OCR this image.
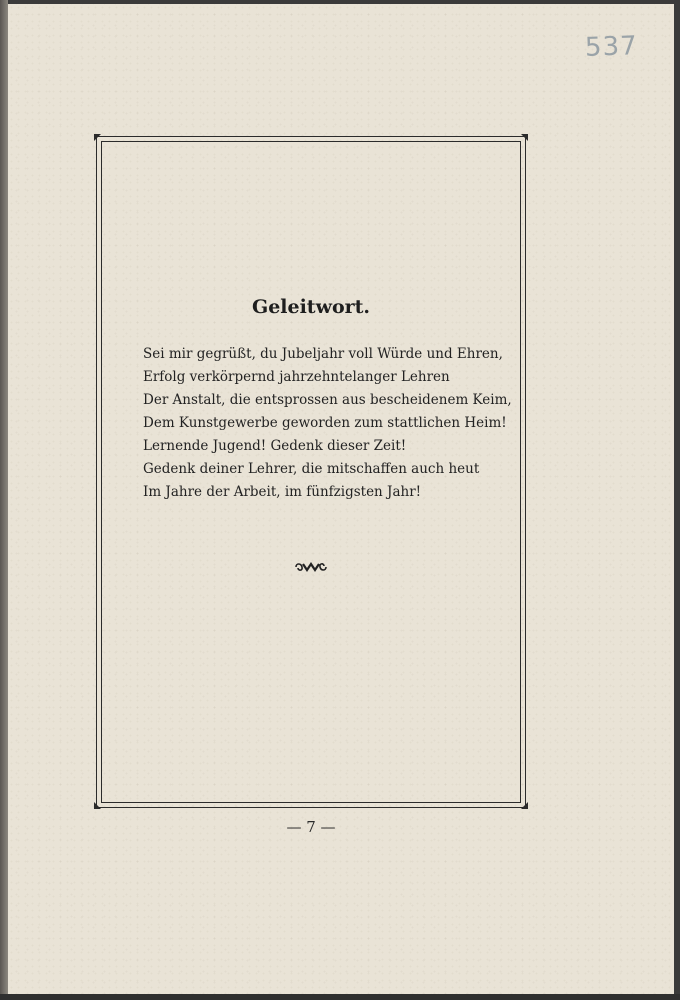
537
Geleitwort.
Sei mir gegrüßt, du Jubeljahr voll Würde und Ehren,
Erfolg verkörpernd jahrzehntelanger Lehren
Der Anstalt, die entsprossen aus bescheidenem Keim,
Dem Kunstgewerbe geworden zum stattlichen Heim!
Lernende Jugend! Gedenk dieser Zeit!
Gedenk deiner Lehrer, die mitschaffen auch heut
Im Jahre der Arbeit, im fünfzigsten Jahr!
— 7 —
